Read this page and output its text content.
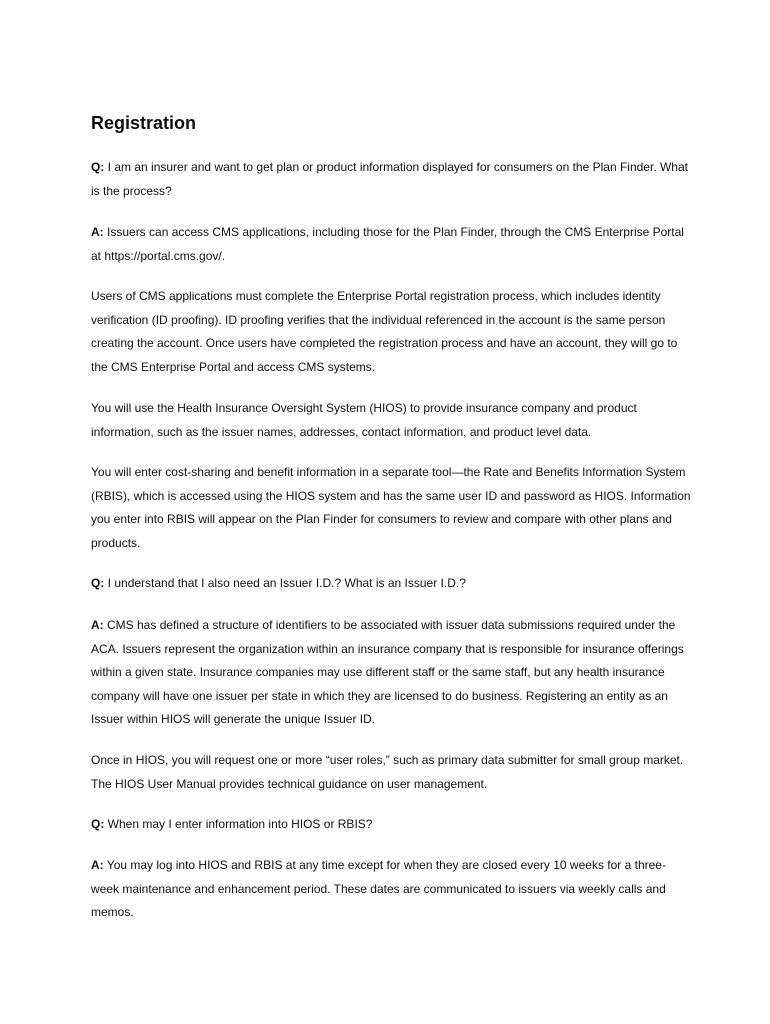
Registration

Q: I am an insurer and want to get plan or product information displayed for consumers on the Plan Finder. What is the process?

A: Issuers can access CMS applications, including those for the Plan Finder, through the CMS Enterprise Portal at https://portal.cms.gov/.

Users of CMS applications must complete the Enterprise Portal registration process, which includes identity verification (ID proofing). ID proofing verifies that the individual referenced in the account is the same person creating the account. Once users have completed the registration process and have an account, they will go to the CMS Enterprise Portal and access CMS systems.

You will use the Health Insurance Oversight System (HIOS) to provide insurance company and product information, such as the issuer names, addresses, contact information, and product level data.

You will enter cost-sharing and benefit information in a separate tool—the Rate and Benefits Information System (RBIS), which is accessed using the HIOS system and has the same user ID and password as HIOS. Information you enter into RBIS will appear on the Plan Finder for consumers to review and compare with other plans and products.

Q: I understand that I also need an Issuer I.D.? What is an Issuer I.D.?

A: CMS has defined a structure of identifiers to be associated with issuer data submissions required under the ACA. Issuers represent the organization within an insurance company that is responsible for insurance offerings within a given state. Insurance companies may use different staff or the same staff, but any health insurance company will have one issuer per state in which they are licensed to do business. Registering an entity as an Issuer within HIOS will generate the unique Issuer ID.

Once in HIOS, you will request one or more “user roles,” such as primary data submitter for small group market. The HIOS User Manual provides technical guidance on user management.

Q: When may I enter information into HIOS or RBIS?

A: You may log into HIOS and RBIS at any time except for when they are closed every 10 weeks for a three-week maintenance and enhancement period. These dates are communicated to issuers via weekly calls and memos.
